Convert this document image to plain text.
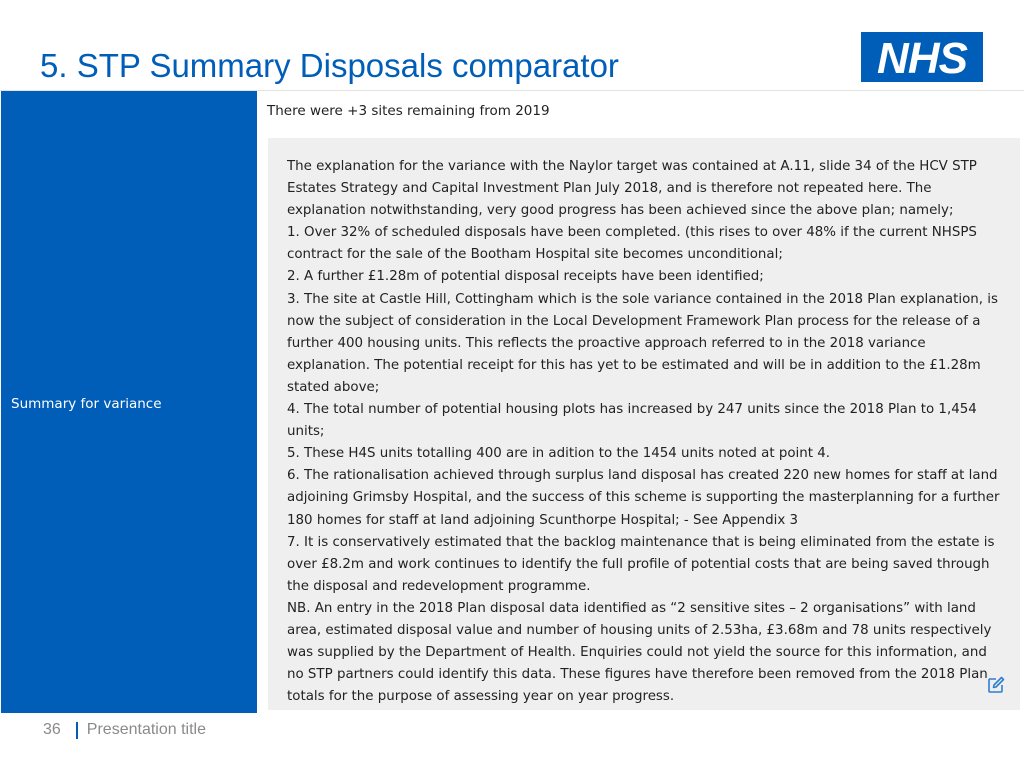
5. STP Summary Disposals comparator	NHS
Summary for variance
There were +3 sites remaining from 2019

The explanation for the variance with the Naylor target was contained at A.11, slide 34 of the HCV STP Estates Strategy and Capital Investment Plan July 2018, and is therefore not repeated here. The explanation notwithstanding, very good progress has been achieved since the above plan; namely;

1. Over 32% of scheduled disposals have been completed. (this rises to over 48% if the current NHSPS contract for the sale of the Bootham Hospital site becomes unconditional;

2. A further £1.28m of potential disposal receipts have been identified;

3. The site at Castle Hill, Cottingham which is the sole variance contained in the 2018 Plan explanation, is now the subject of consideration in the Local Development Framework Plan process for the release of a further 400 housing units. This reflects the proactive approach referred to in the 2018 variance explanation. The potential receipt for this has yet to be estimated and will be in addition to the £1.28m stated above;

4. The total number of potential housing plots has increased by 247 units since the 2018 Plan to 1,454 units;

5. These H4S units totalling 400 are in adition to the 1454 units noted at point 4.

6. The rationalisation achieved through surplus land disposal has created 220 new homes for staff at land adjoining Grimsby Hospital, and the success of this scheme is supporting the masterplanning for a further 180 homes for staff at land adjoining Scunthorpe Hospital; - See Appendix 3

7. It is conservatively estimated that the backlog maintenance that is being eliminated from the estate is over £8.2m and work continues to identify the full profile of potential costs that are being saved through the disposal and redevelopment programme.

NB. An entry in the 2018 Plan disposal data identified as “2 sensitive sites – 2 organisations” with land area, estimated disposal value and number of housing units of 2.53ha, £3.68m and 78 units respectively was supplied by the Department of Health. Enquiries could not yield the source for this information, and no STP partners could identify this data. These figures have therefore been removed from the 2018 Plan totals for the purpose of assessing year on year progress.

36 Presentation title
